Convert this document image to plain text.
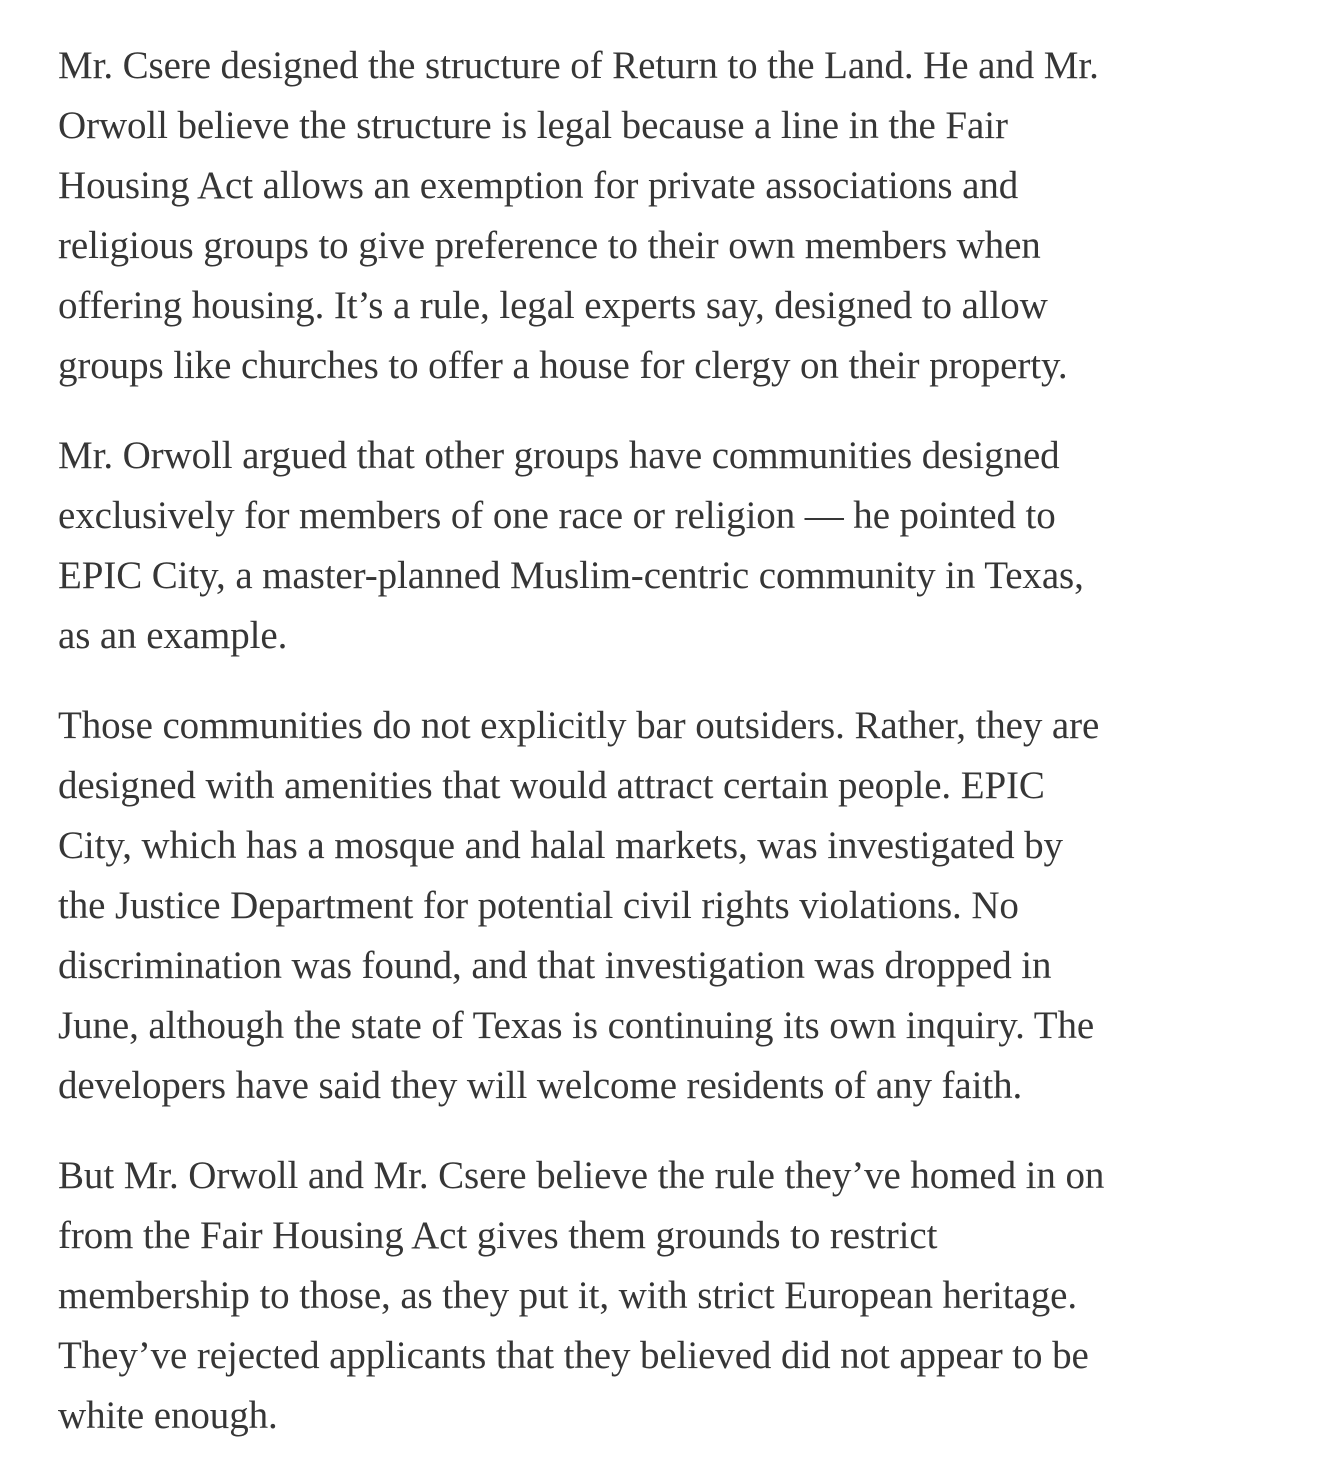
Mr. Csere designed the structure of Return to the Land. He and Mr.
Orwoll believe the structure is legal because a line in the Fair
Housing Act allows an exemption for private associations and
religious groups to give preference to their own members when
offering housing. It’s a rule, legal experts say, designed to allow
groups like churches to offer a house for clergy on their property.

Mr. Orwoll argued that other groups have communities designed
exclusively for members of one race or religion — he pointed to
EPIC City, a master-planned Muslim-centric community in Texas,
as an example.

Those communities do not explicitly bar outsiders. Rather, they are
designed with amenities that would attract certain people. EPIC
City, which has a mosque and halal markets, was investigated by
the Justice Department for potential civil rights violations. No
discrimination was found, and that investigation was dropped in
June, although the state of Texas is continuing its own inquiry. The
developers have said they will welcome residents of any faith.

But Mr. Orwoll and Mr. Csere believe the rule they’ve homed in on
from the Fair Housing Act gives them grounds to restrict
membership to those, as they put it, with strict European heritage.
They’ve rejected applicants that they believed did not appear to be
white enough.
